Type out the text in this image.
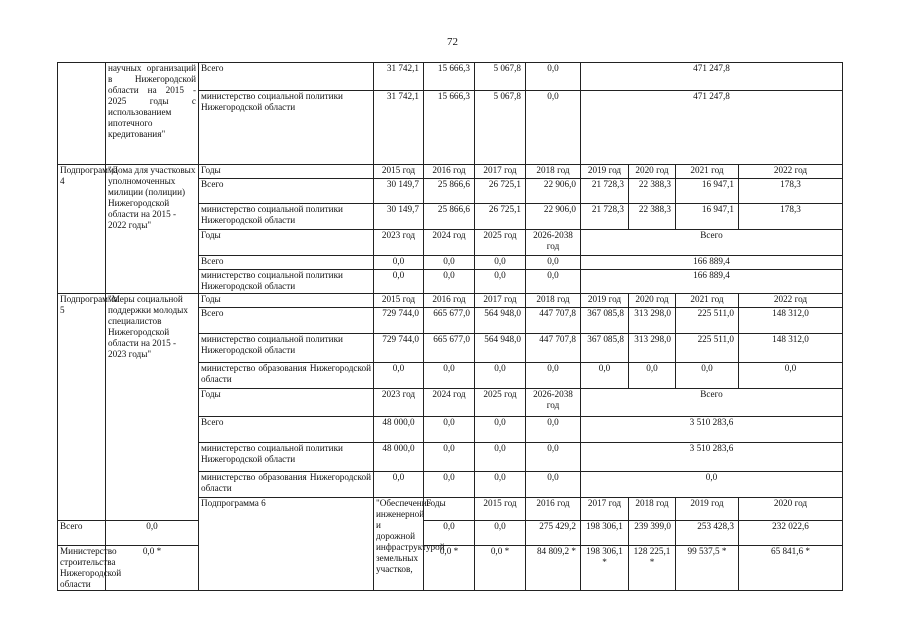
72
	научных организаций в Нижегородской области на 2015 - 2025 годы с использованием ипотечного кредитования"	Всего	31 742,1	15 666,3	5 067,8	0,0	471 247,8				
		министерство социальной политики Нижегородской области	31 742,1	15 666,3	5 067,8	0,0	471 247,8				
Подпрограмма 4	"Дома для участковых уполномоченных милиции (полиции) Нижегородской области на 2015 - 2022 годы"	Годы	2015 год	2016 год	2017 год	2018 год	2019 год	2020 год	2021 год	2022 год	
		Всего	30 149,7	25 866,6	26 725,1	22 906,0	21 728,3	22 388,3	16 947,1	178,3	
		министерство социальной политики Нижегородской области	30 149,7	25 866,6	26 725,1	22 906,0	21 728,3	22 388,3	16 947,1	178,3	
		Годы	2023 год	2024 год	2025 год	2026-2038 год	Всего				
		Всего	0,0	0,0	0,0	0,0	166 889,4				
		министерство социальной политики Нижегородской области	0,0	0,0	0,0	0,0	166 889,4				
Подпрограмма 5	"Меры социальной поддержки молодых специалистов Нижегородской области на 2015 - 2023 годы"	Годы	2015 год	2016 год	2017 год	2018 год	2019 год	2020 год	2021 год	2022 год	
		Всего	729 744,0	665 677,0	564 948,0	447 707,8	367 085,8	313 298,0	225 511,0	148 312,0	
		министерство социальной политики Нижегородской области	729 744,0	665 677,0	564 948,0	447 707,8	367 085,8	313 298,0	225 511,0	148 312,0	
		министерство образования Нижегородской области	0,0	0,0	0,0	0,0	0,0	0,0	0,0	0,0	
		Годы	2023 год	2024 год	2025 год	2026-2038 год	Всего				
		Всего	48 000,0	0,0	0,0	0,0	3 510 283,6				
		министерство социальной политики Нижегородской области	48 000,0	0,0	0,0	0,0	3 510 283,6				
		министерство образования Нижегородской области	0,0	0,0	0,0	0,0	0,0				
		Подпрограмма 6	"Обеспечение инженерной и дорожной инфраструктурой земельных участков,	Годы	2015 год	2016 год	2017 год	2018 год	2019 год	2020 год		
Всего	0,0			0,0	0,0	275 429,2	198 306,1	239 399,0	253 428,3	232 022,6	
Министерство строительства Нижегородской области	0,0 *			0,0 *	0,0 *	84 809,2 *	198 306,1 *	128 225,1 *	99 537,5 *	65 841,6 *	
